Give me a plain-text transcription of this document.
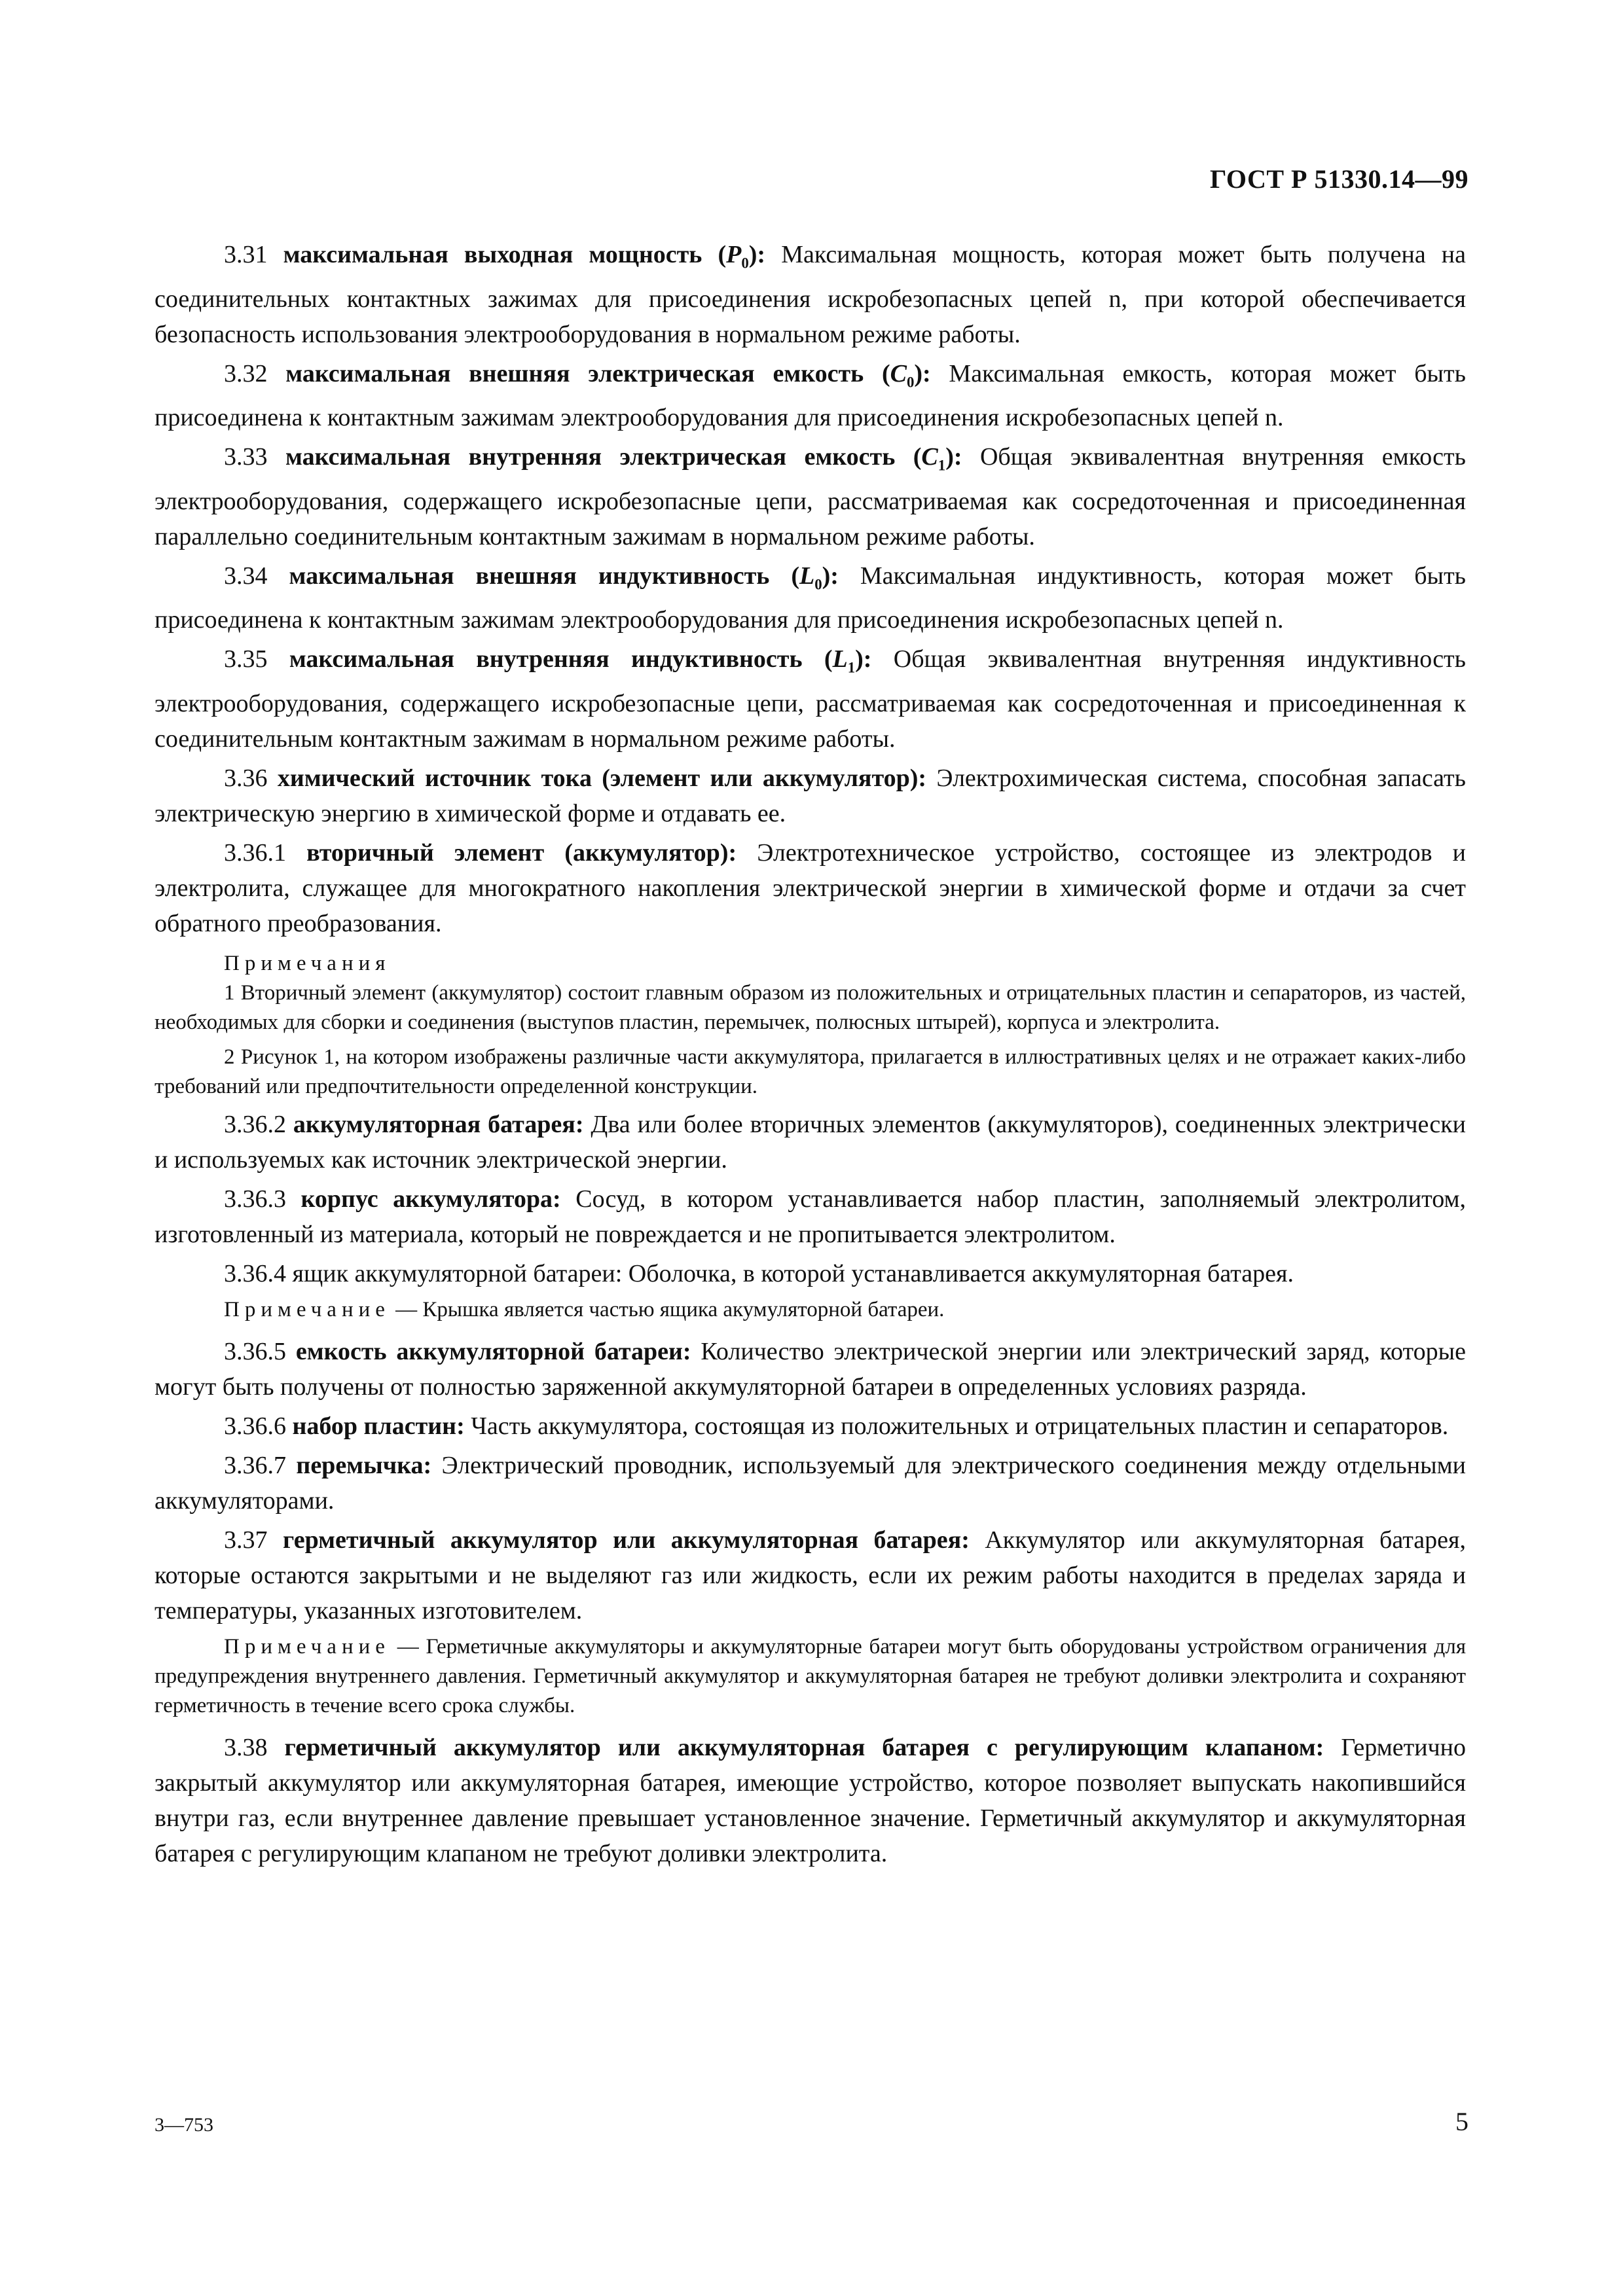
ГОСТ Р 51330.14—99

3.31 максимальная выходная мощность $(P_0)$: Максимальная мощность, которая может быть получена на соединительных контактных зажимах для присоединения искробезопасных цепей n, при которой обеспечивается безопасность использования электрооборудования в нормальном режиме работы.

3.32 максимальная внешняя электрическая емкость $(C_0)$: Максимальная емкость, которая может быть присоединена к контактным зажимам электрооборудования для присоединения искробезопасных цепей n.

3.33 максимальная внутренняя электрическая емкость $(C_1)$: Общая эквивалентная внутренняя емкость электрооборудования, содержащего искробезопасные цепи, рассматриваемая как сосредоточенная и присоединенная параллельно соединительным контактным зажимам в нормальном режиме работы.

3.34 максимальная внешняя индуктивность $(L_0)$: Максимальная индуктивность, которая может быть присоединена к контактным зажимам электрооборудования для присоединения искробезопасных цепей n.

3.35 максимальная внутренняя индуктивность $(L_1)$: Общая эквивалентная внутренняя индуктивность электрооборудования, содержащего искробезопасные цепи, рассматриваемая как сосредоточенная и присоединенная к соединительным контактным зажимам в нормальном режиме работы.

3.36 химический источник тока (элемент или аккумулятор): Электрохимическая система, способная запасать электрическую энергию в химической форме и отдавать ее.

3.36.1 вторичный элемент (аккумулятор): Электротехническое устройство, состоящее из электродов и электролита, служащее для многократного накопления электрической энергии в химической форме и отдачи за счет обратного преобразования.

Примечания

1 Вторичный элемент (аккумулятор) состоит главным образом из положительных и отрицательных пластин и сепараторов, из частей, необходимых для сборки и соединения (выступов пластин, перемычек, полюсных штырей), корпуса и электролита.

2 Рисунок 1, на котором изображены различные части аккумулятора, прилагается в иллюстративных целях и не отражает каких-либо требований или предпочтительности определенной конструкции.

3.36.2 аккумуляторная батарея: Два или более вторичных элементов (аккумуляторов), соединенных электрически и используемых как источник электрической энергии.

3.36.3 корпус аккумулятора: Сосуд, в котором устанавливается набор пластин, заполняемый электролитом, изготовленный из материала, который не повреждается и не пропитывается электролитом.

3.36.4 ящик аккумуляторной батареи: Оболочка, в которой устанавливается аккумуляторная батарея.

Примечание — Крышка является частью ящика акумуляторной батареи.

3.36.5 емкость аккумуляторной батареи: Количество электрической энергии или электрический заряд, которые могут быть получены от полностью заряженной аккумуляторной батареи в определенных условиях разряда.

3.36.6 набор пластин: Часть аккумулятора, состоящая из положительных и отрицательных пластин и сепараторов.

3.36.7 перемычка: Электрический проводник, используемый для электрического соединения между отдельными аккумуляторами.

3.37 герметичный аккумулятор или аккумуляторная батарея: Аккумулятор или аккумуляторная батарея, которые остаются закрытыми и не выделяют газ или жидкость, если их режим работы находится в пределах заряда и температуры, указанных изготовителем.

Примечание — Герметичные аккумуляторы и аккумуляторные батареи могут быть оборудованы устройством ограничения для предупреждения внутреннего давления. Герметичный аккумулятор и аккумуляторная батарея не требуют доливки электролита и сохраняют герметичность в течение всего срока службы.

3.38 герметичный аккумулятор или аккумуляторная батарея с регулирующим клапаном: Герметично закрытый аккумулятор или аккумуляторная батарея, имеющие устройство, которое позволяет выпускать накопившийся внутри газ, если внутреннее давление превышает установленное значение. Герметичный аккумулятор и аккумуляторная батарея с регулирующим клапаном не требуют доливки электролита.

3—753	5
